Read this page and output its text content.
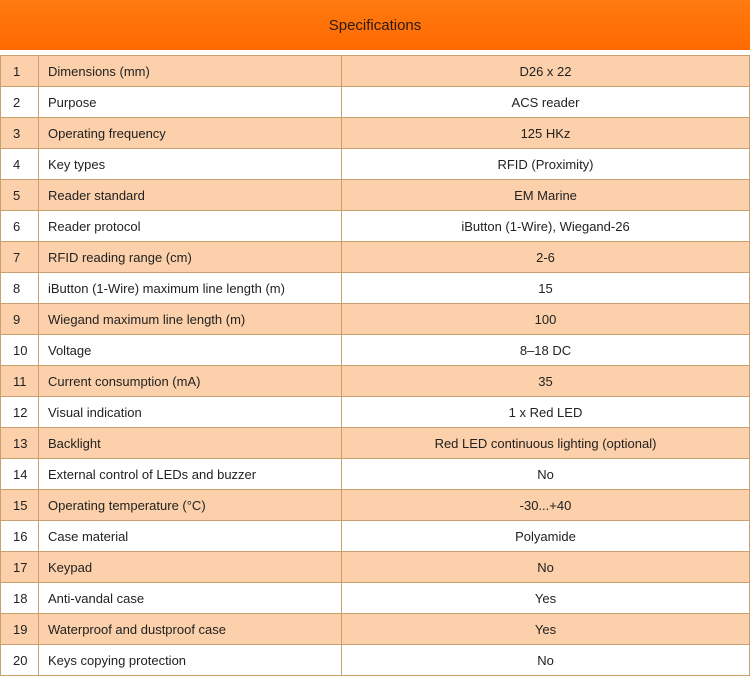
Specifications
1	Dimensions (mm)	D26 x 22
2	Purpose	ACS reader
3	Operating frequency	125 HKz
4	Key types	RFID (Proximity)
5	Reader standard	EM Marine
6	Reader protocol	iButton (1-Wire), Wiegand-26
7	RFID reading range (cm)	2-6
8	iButton (1-Wire) maximum line length (m)	15
9	Wiegand maximum line length (m)	100
10	Voltage	8–18 DC
11	Current consumption (mA)	35
12	Visual indication	1 x Red LED
13	Backlight	Red LED continuous lighting (optional)
14	External control of LEDs and buzzer	No
15	Operating temperature (°C)	-30...+40
16	Case material	Polyamide
17	Keypad	No
18	Anti-vandal case	Yes
19	Waterproof and dustproof case	Yes
20	Keys copying protection	No
